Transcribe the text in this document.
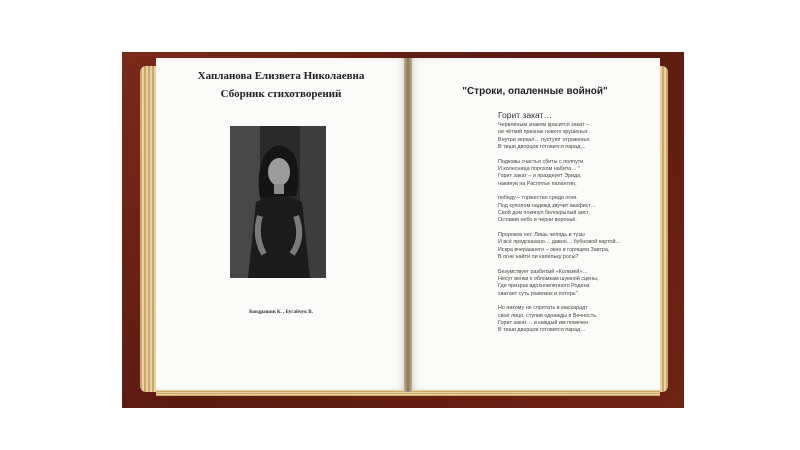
Хапланова Елизвета Николаевна
Сборник стихотворений
Кондрашин К. , Бугайчук В.
"Строки, опаленные войной"
Горит закат…
Червлёным знаком красится закат –
не чёткий признак нового крушенья.
Внутри зеркал… пустуют отраженья.
В тиши дворцов готовится парад…
Подковы счастья сбиты с полпути
И колесница порохом набита… "
Горит закат – и празднует Эрида,
накинув на Распятье палантин,
победу – торжество среди огня.
Под куполом надежд звучит акафист…
Свой дом покинул белокрылый аист,
Оставив небо в черни вороньё.
Пророков нет. Лишь челядь и тузы
И всё предсказано… давно… бубновой картой…
Искра вчерашнего – окно в горящем Завтра,
В огне найти ли капельку росы?
Безумствует разбитый «Колизей»…
Несут венки к обломкам шумной сцены,
Где призрак вдохновлённого Родена
хватает суть развязок и потерь".
Но никому не спрятать в маскарадт
своё лицо, ступив однажды в Вечность.
Горит закат… и каждый им помечен.
В тиши дворцов готовится парад…
